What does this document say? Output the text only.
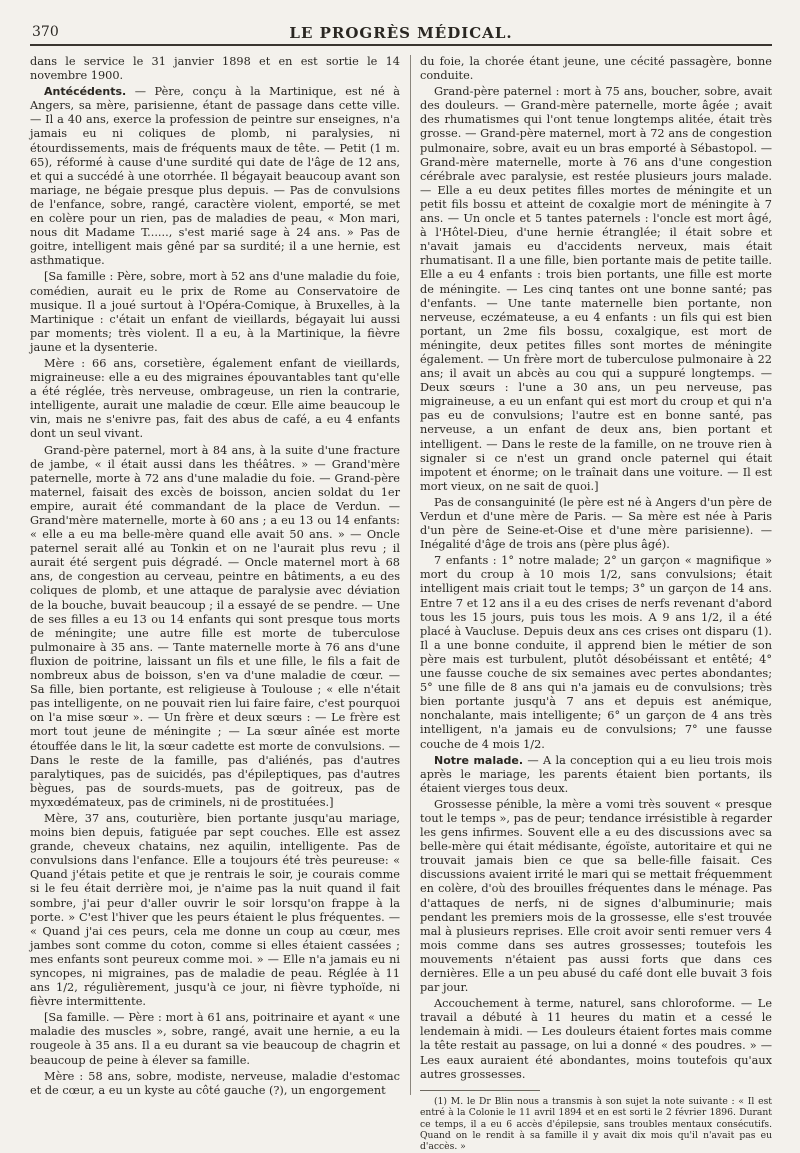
370	LE PROGRÈS MÉDICAL.

dans le service le 31 janvier 1898 et en est sortie le 14 novembre 1900.

Antécédents. — Père, conçu à la Martinique, est né à Angers, sa mère, parisienne, étant de passage dans cette ville. — Il a 40 ans, exerce la profession de peintre sur enseignes, n'a jamais eu ni coliques de plomb, ni paralysies, ni étourdissements, mais de fréquents maux de tête. — Petit (1 m. 65), réformé à cause d'une surdité qui date de l'âge de 12 ans, et qui a succédé à une otorrhée. Il bégayait beaucoup avant son mariage, ne bégaie presque plus depuis. — Pas de convulsions de l'enfance, sobre, rangé, caractère violent, emporté, se met en colère pour un rien, pas de maladies de peau, « Mon mari, nous dit Madame T......, s'est marié sage à 24 ans. » Pas de goitre, intelligent mais gêné par sa surdité; il a une hernie, est asthmatique.

[Sa famille : Père, sobre, mort à 52 ans d'une maladie du foie, comédien, aurait eu le prix de Rome au Conservatoire de musique. Il a joué surtout à l'Opéra-Comique, à Bruxelles, à la Martinique : c'était un enfant de vieillards, bégayait lui aussi par moments; très violent. Il a eu, à la Martinique, la fièvre jaune et la dysenterie.

Mère : 66 ans, corsetière, également enfant de vieillards, migraineuse: elle a eu des migraines épouvantables tant qu'elle a été réglée, très nerveuse, ombrageuse, un rien la contrarie, intelligente, aurait une maladie de cœur. Elle aime beaucoup le vin, mais ne s'enivre pas, fait des abus de café, a eu 4 enfants dont un seul vivant.

Grand-père paternel, mort à 84 ans, à la suite d'une fracture de jambe, « il était aussi dans les théâtres. » — Grand'mère paternelle, morte à 72 ans d'une maladie du foie. — Grand-père maternel, faisait des excès de boisson, ancien soldat du 1er empire, aurait été commandant de la place de Verdun. — Grand'mère maternelle, morte à 60 ans ; a eu 13 ou 14 enfants: « elle a eu ma belle-mère quand elle avait 50 ans. » — Oncle paternel serait allé au Tonkin et on ne l'aurait plus revu ; il aurait été sergent puis dégradé. — Oncle maternel mort à 68 ans, de congestion au cerveau, peintre en bâtiments, a eu des coliques de plomb, et une attaque de paralysie avec déviation de la bouche, buvait beaucoup ; il a essayé de se pendre. — Une de ses filles a eu 13 ou 14 enfants qui sont presque tous morts de méningite; une autre fille est morte de tuberculose pulmonaire à 35 ans. — Tante maternelle morte à 76 ans d'une fluxion de poitrine, laissant un fils et une fille, le fils a fait de nombreux abus de boisson, s'en va d'une maladie de cœur. — Sa fille, bien portante, est religieuse à Toulouse ; « elle n'était pas intelligente, on ne pouvait rien lui faire faire, c'est pourquoi on l'a mise sœur ». — Un frère et deux sœurs : — Le frère est mort tout jeune de méningite ; — La sœur aînée est morte étouffée dans le lit, la sœur cadette est morte de convulsions. — Dans le reste de la famille, pas d'aliénés, pas d'autres paralytiques, pas de suicidés, pas d'épileptiques, pas d'autres bègues, pas de sourds-muets, pas de goitreux, pas de myxœdémateux, pas de criminels, ni de prostituées.]

Mère, 37 ans, couturière, bien portante jusqu'au mariage, moins bien depuis, fatiguée par sept couches. Elle est assez grande, cheveux chatains, nez aquilin, intelligente. Pas de convulsions dans l'enfance. Elle a toujours été très peureuse: « Quand j'étais petite et que je rentrais le soir, je courais comme si le feu était derrière moi, je n'aime pas la nuit quand il fait sombre, j'ai peur d'aller ouvrir le soir lorsqu'on frappe à la porte. » C'est l'hiver que les peurs étaient le plus fréquentes. — « Quand j'ai ces peurs, cela me donne un coup au cœur, mes jambes sont comme du coton, comme si elles étaient cassées ; mes enfants sont peureux comme moi. » — Elle n'a jamais eu ni syncopes, ni migraines, pas de maladie de peau. Réglée à 11 ans 1/2, régulièrement, jusqu'à ce jour, ni fièvre typhoïde, ni fièvre intermittente.

[Sa famille. — Père : mort à 61 ans, poitrinaire et ayant « une maladie des muscles », sobre, rangé, avait une hernie, a eu la rougeole à 35 ans. Il a eu durant sa vie beaucoup de chagrin et beaucoup de peine à élever sa famille.

Mère : 58 ans, sobre, modiste, nerveuse, maladie d'estomac et de cœur, a eu un kyste au côté gauche (?), un engorgement

du foie, la chorée étant jeune, une cécité passagère, bonne conduite.

Grand-père paternel : mort à 75 ans, boucher, sobre, avait des douleurs. — Grand-mère paternelle, morte âgée ; avait des rhumatismes qui l'ont tenue longtemps alitée, était très grosse. — Grand-père maternel, mort à 72 ans de congestion pulmonaire, sobre, avait eu un bras emporté à Sébastopol. — Grand-mère maternelle, morte à 76 ans d'une congestion cérébrale avec paralysie, est restée plusieurs jours malade. — Elle a eu deux petites filles mortes de méningite et un petit fils bossu et atteint de coxalgie mort de méningite à 7 ans. — Un oncle et 5 tantes paternels : l'oncle est mort âgé, à l'Hôtel-Dieu, d'une hernie étranglée; il était sobre et n'avait jamais eu d'accidents nerveux, mais était rhumatisant. Il a une fille, bien portante mais de petite taille. Elle a eu 4 enfants : trois bien portants, une fille est morte de méningite. — Les cinq tantes ont une bonne santé; pas d'enfants. — Une tante maternelle bien portante, non nerveuse, eczémateuse, a eu 4 enfants : un fils qui est bien portant, un 2me fils bossu, coxalgique, est mort de méningite, deux petites filles sont mortes de méningite également. — Un frère mort de tuberculose pulmonaire à 22 ans; il avait un abcès au cou qui a suppuré longtemps. — Deux sœurs : l'une a 30 ans, un peu nerveuse, pas migraineuse, a eu un enfant qui est mort du croup et qui n'a pas eu de convulsions; l'autre est en bonne santé, pas nerveuse, a un enfant de deux ans, bien portant et intelligent. — Dans le reste de la famille, on ne trouve rien à signaler si ce n'est un grand oncle paternel qui était impotent et énorme; on le traînait dans une voiture. — Il est mort vieux, on ne sait de quoi.]

Pas de consanguinité (le père est né à Angers d'un père de Verdun et d'une mère de Paris. — Sa mère est née à Paris d'un père de Seine-et-Oise et d'une mère parisienne). — Inégalité d'âge de trois ans (père plus âgé).

7 enfants : 1° notre malade; 2° un garçon « magnifique » mort du croup à 10 mois 1/2, sans convulsions; était intelligent mais criait tout le temps; 3° un garçon de 14 ans. Entre 7 et 12 ans il a eu des crises de nerfs revenant d'abord tous les 15 jours, puis tous les mois. A 9 ans 1/2, il a été placé à Vaucluse. Depuis deux ans ces crises ont disparu (1). Il a une bonne conduite, il apprend bien le métier de son père mais est turbulent, plutôt désobéissant et entêté; 4° une fausse couche de six semaines avec pertes abondantes; 5° une fille de 8 ans qui n'a jamais eu de convulsions; très bien portante jusqu'à 7 ans et depuis est anémique, nonchalante, mais intelligente; 6° un garçon de 4 ans très intelligent, n'a jamais eu de convulsions; 7° une fausse couche de 4 mois 1/2.

Notre malade. — A la conception qui a eu lieu trois mois après le mariage, les parents étaient bien portants, ils étaient vierges tous deux.

Grossesse pénible, la mère a vomi très souvent « presque tout le temps », pas de peur; tendance irrésistible à regarder les gens infirmes. Souvent elle a eu des discussions avec sa belle-mère qui était médisante, égoïste, autoritaire et qui ne trouvait jamais bien ce que sa belle-fille faisait. Ces discussions avaient irrité le mari qui se mettait fréquemment en colère, d'où des brouilles fréquentes dans le ménage. Pas d'attaques de nerfs, ni de signes d'albuminurie; mais pendant les premiers mois de la grossesse, elle s'est trouvée mal à plusieurs reprises. Elle croit avoir senti remuer vers 4 mois comme dans ses autres grossesses; toutefois les mouvements n'étaient pas aussi forts que dans ces dernières. Elle a un peu abusé du café dont elle buvait 3 fois par jour.

Accouchement à terme, naturel, sans chloroforme. — Le travail a débuté à 11 heures du matin et a cessé le lendemain à midi. — Les douleurs étaient fortes mais comme la tête restait au passage, on lui a donné « des poudres. » — Les eaux auraient été abondantes, moins toutefois qu'aux autres grossesses.

(1) M. le Dr Blin nous a transmis à son sujet la note suivante : « Il est entré à la Colonie le 11 avril 1894 et en est sorti le 2 février 1896. Durant ce temps, il a eu 6 accès d'épilepsie, sans troubles mentaux consécutifs. Quand on le rendit à sa famille il y avait dix mois qu'il n'avait pas eu d'accès. »
